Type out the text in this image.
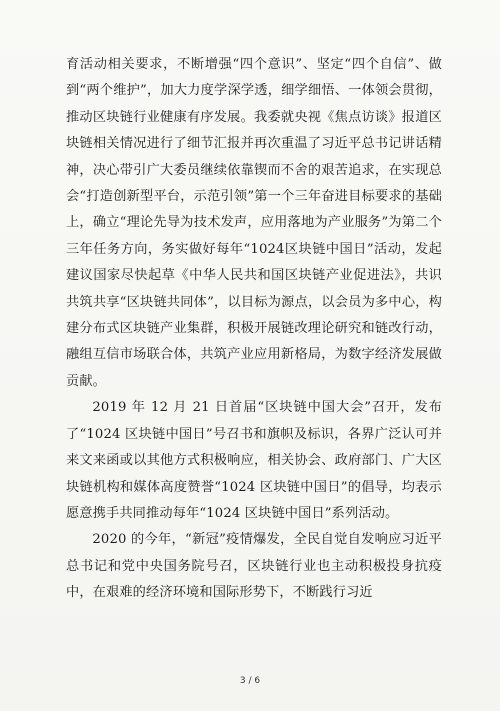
育活动相关要求，不断增强“四个意识”、坚定“四个自信”、做到“两个维护”，加大力度学深学透，细学细悟、一体领会贯彻，推动区块链行业健康有序发展。我委就央视《焦点访谈》报道区块链相关情况进行了细节汇报并再次重温了习近平总书记讲话精神，决心带引广大委员继续依靠锲而不舍的艰苦追求，在实现总会“打造创新型平台，示范引领”第一个三年奋进目标要求的基础上，确立“理论先导为技术发声，应用落地为产业服务”为第二个三年任务方向，务实做好每年“1024区块链中国日”活动，发起建议国家尽快起草《中华人民共和国区块链产业促进法》，共识共筑共享“区块链共同体”，以目标为源点，以会员为多中心，构建分布式区块链产业集群，积极开展链改理论研究和链改行动，融组互信市场联合体，共筑产业应用新格局，为数字经济发展做贡献。

2019 年 12 月 21 日首届“区块链中国大会”召开，发布了“1024 区块链中国日”号召书和旗帜及标识，各界广泛认可并来文来函或以其他方式积极响应，相关协会、政府部门、广大区块链机构和媒体高度赞誉“1024 区块链中国日”的倡导，均表示愿意携手共同推动每年“1024 区块链中国日”系列活动。

2020 的今年，“新冠”疫情爆发，全民自觉自发响应习近平总书记和党中央国务院号召，区块链行业也主动积极投身抗疫中，在艰难的经济环境和国际形势下，不断践行习近

3 / 6
